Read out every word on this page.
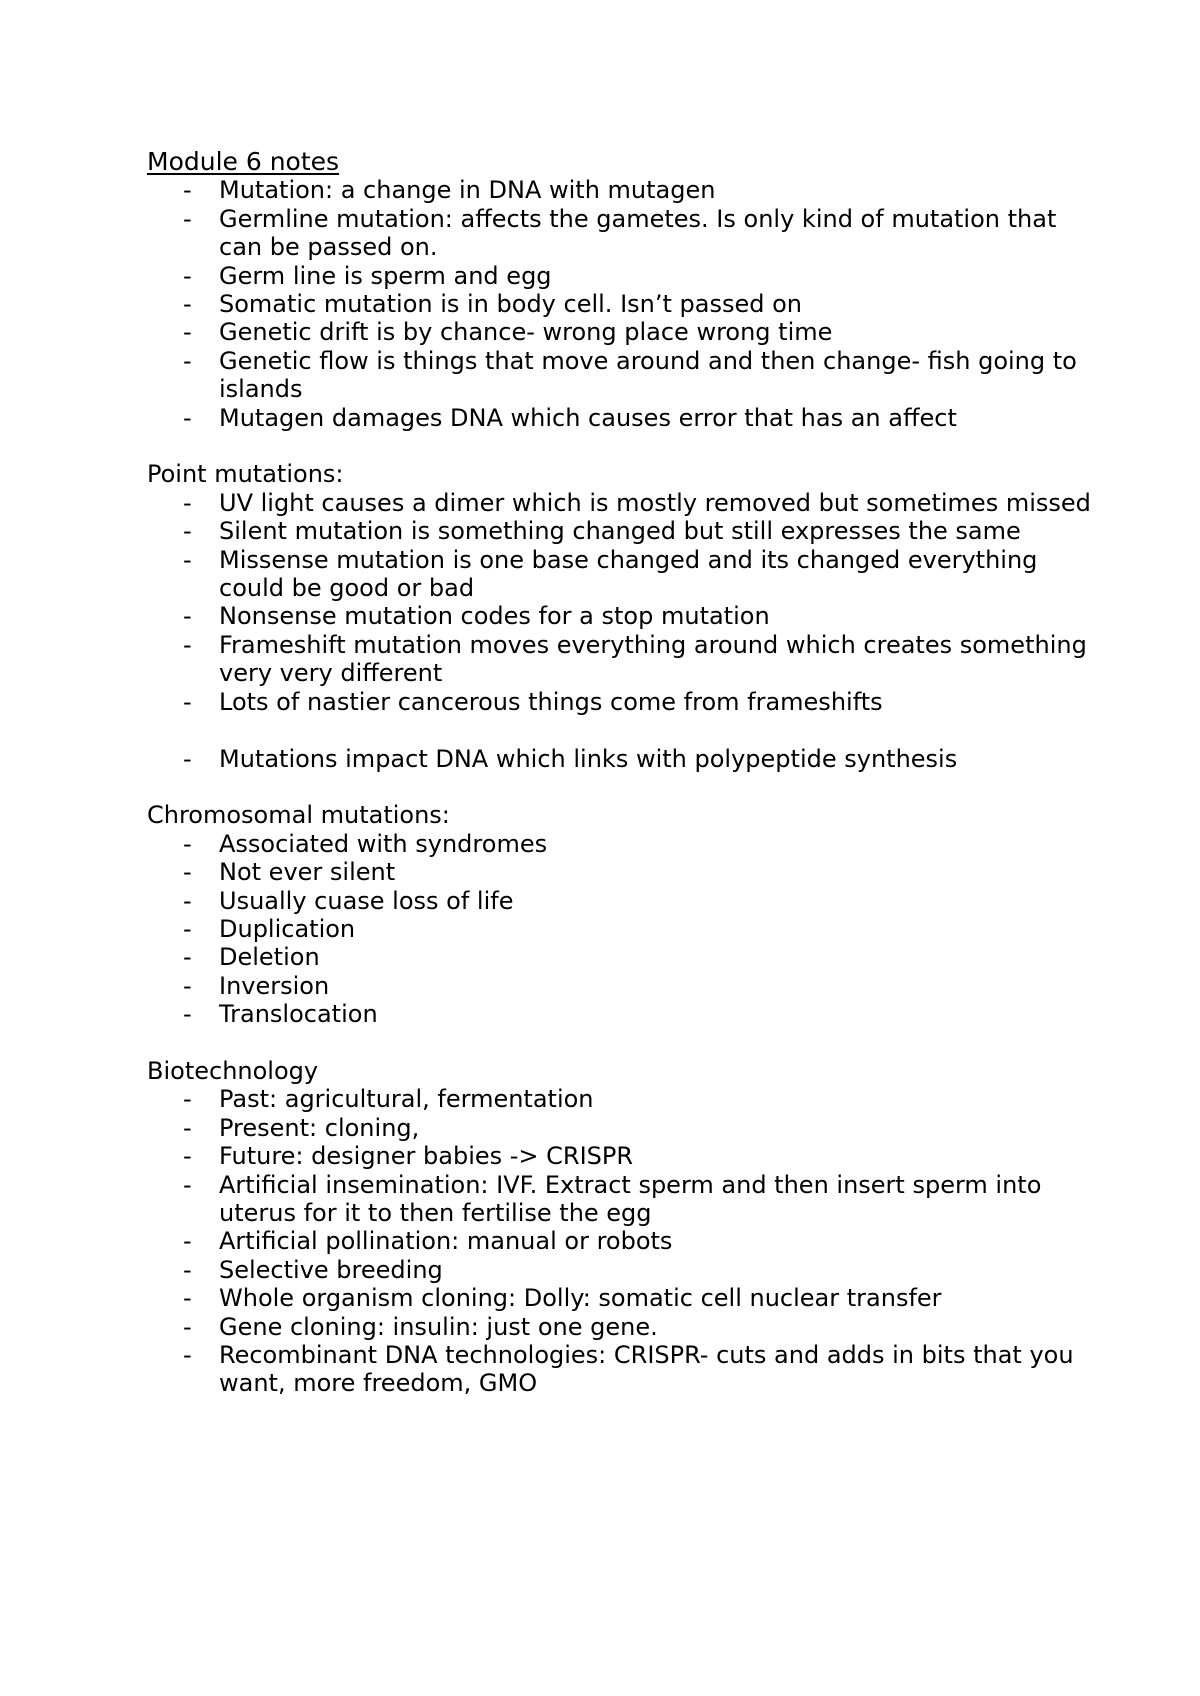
Module 6 notes
- Mutation: a change in DNA with mutagen
- Germline mutation: affects the gametes. Is only kind of mutation that can be passed on.
- Germ line is sperm and egg
- Somatic mutation is in body cell. Isn’t passed on
- Genetic drift is by chance- wrong place wrong time
- Genetic flow is things that move around and then change- fish going to islands
- Mutagen damages DNA which causes error that has an affect

Point mutations:

- UV light causes a dimer which is mostly removed but sometimes missed
- Silent mutation is something changed but still expresses the same
- Missense mutation is one base changed and its changed everything could be good or bad
- Nonsense mutation codes for a stop mutation
- Frameshift mutation moves everything around which creates something very very different
- Lots of nastier cancerous things come from frameshifts
- Mutations impact DNA which links with polypeptide synthesis

Chromosomal mutations:

- Associated with syndromes
- Not ever silent
- Usually cuase loss of life
- Duplication
- Deletion
- Inversion
- Translocation

Biotechnology

- Past: agricultural, fermentation
- Present: cloning,
- Future: designer babies -> CRISPR
- Artificial insemination: IVF. Extract sperm and then insert sperm into uterus for it to then fertilise the egg
- Artificial pollination: manual or robots
- Selective breeding
- Whole organism cloning: Dolly: somatic cell nuclear transfer
- Gene cloning: insulin: just one gene.
- Recombinant DNA technologies: CRISPR- cuts and adds in bits that you want, more freedom, GMO
